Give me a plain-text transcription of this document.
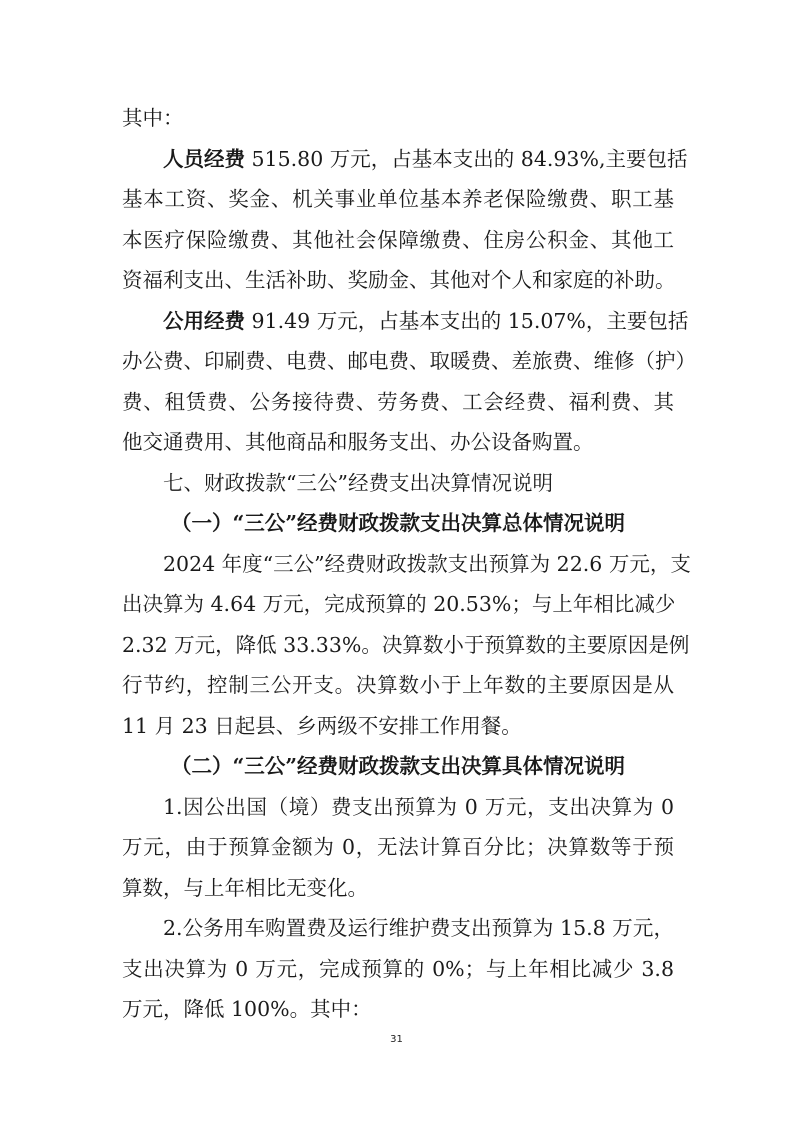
其中：
人员经费 515.80 万元，占基本支出的 84.93%,主要包括
基本工资、奖金、机关事业单位基本养老保险缴费、职工基
本医疗保险缴费、其他社会保障缴费、住房公积金、其他工
资福利支出、生活补助、奖励金、其他对个人和家庭的补助。
公用经费 91.49 万元，占基本支出的 15.07%，主要包括
办公费、印刷费、电费、邮电费、取暖费、差旅费、维修（护）
费、租赁费、公务接待费、劳务费、工会经费、福利费、其
他交通费用、其他商品和服务支出、办公设备购置。
七、财政拨款“三公”经费支出决算情况说明
（一）“三公”经费财政拨款支出决算总体情况说明
2024 年度“三公”经费财政拨款支出预算为 22.6 万元，支
出决算为 4.64 万元，完成预算的 20.53%；与上年相比减少
2.32 万元，降低 33.33%。决算数小于预算数的主要原因是例
行节约，控制三公开支。决算数小于上年数的主要原因是从
11 月 23 日起县、乡两级不安排工作用餐。
（二）“三公”经费财政拨款支出决算具体情况说明
1.因公出国（境）费支出预算为 0 万元，支出决算为 0
万元，由于预算金额为 0，无法计算百分比；决算数等于预
算数，与上年相比无变化。
2.公务用车购置费及运行维护费支出预算为 15.8 万元，
支出决算为 0 万元，完成预算的 0%；与上年相比减少 3.8
万元，降低 100%。其中：
31
